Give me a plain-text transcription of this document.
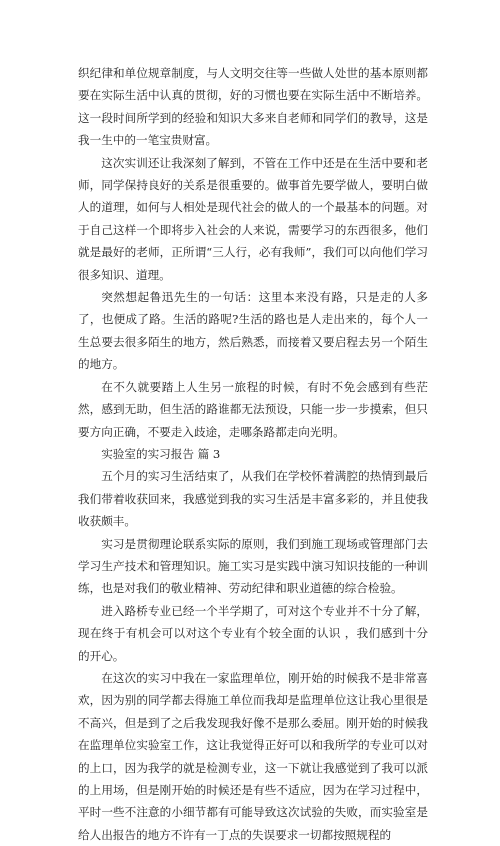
织纪律和单位规章制度，与人文明交往等一些做人处世的基本原则都要在实际生活中认真的贯彻，好的习惯也要在实际生活中不断培养。这一段时间所学到的经验和知识大多来自老师和同学们的教导，这是我一生中的一笔宝贵财富。

这次实训还让我深刻了解到，不管在工作中还是在生活中要和老师，同学保持良好的关系是很重要的。做事首先要学做人，要明白做人的道理，如何与人相处是现代社会的做人的一个最基本的问题。对于自己这样一个即将步入社会的人来说，需要学习的东西很多，他们就是最好的老师，正所谓“三人行，必有我师”，我们可以向他们学习很多知识、道理。

突然想起鲁迅先生的一句话：这里本来没有路，只是走的人多了，也便成了路。生活的路呢?生活的路也是人走出来的，每个人一生总要去很多陌生的地方，然后熟悉，而接着又要启程去另一个陌生的地方。

在不久就要踏上人生另一旅程的时候，有时不免会感到有些茫然，感到无助，但生活的路谁都无法预设，只能一步一步摸索，但只要方向正确，不要走入歧途，走哪条路都走向光明。

实验室的实习报告 篇 3

五个月的实习生活结束了，从我们在学校怀着满腔的热情到最后我们带着收获回来，我感觉到我的实习生活是丰富多彩的，并且使我收获颇丰。

实习是贯彻理论联系实际的原则，我们到施工现场或管理部门去学习生产技术和管理知识。施工实习是实践中演习知识技能的一种训练，也是对我们的敬业精神、劳动纪律和职业道德的综合检验。

进入路桥专业已经一个半学期了，可对这个专业并不十分了解，现在终于有机会可以对这个专业有个较全面的认识 ，我们感到十分的开心。

在这次的实习中我在一家监理单位，刚开始的时候我不是非常喜欢，因为别的同学都去得施工单位而我却是监理单位这让我心里很是不高兴，但是到了之后我发现我好像不是那么委屈。刚开始的时候我在监理单位实验室工作，这让我觉得正好可以和我所学的专业可以对的上口，因为我学的就是检测专业，这一下就让我感觉到了我可以派的上用场，但是刚开始的时候还是有些不适应，因为在学习过程中，平时一些不注意的小细节都有可能导致这次试验的失败，而实验室是给人出报告的地方不许有一丁点的失误要求一切都按照规程的
